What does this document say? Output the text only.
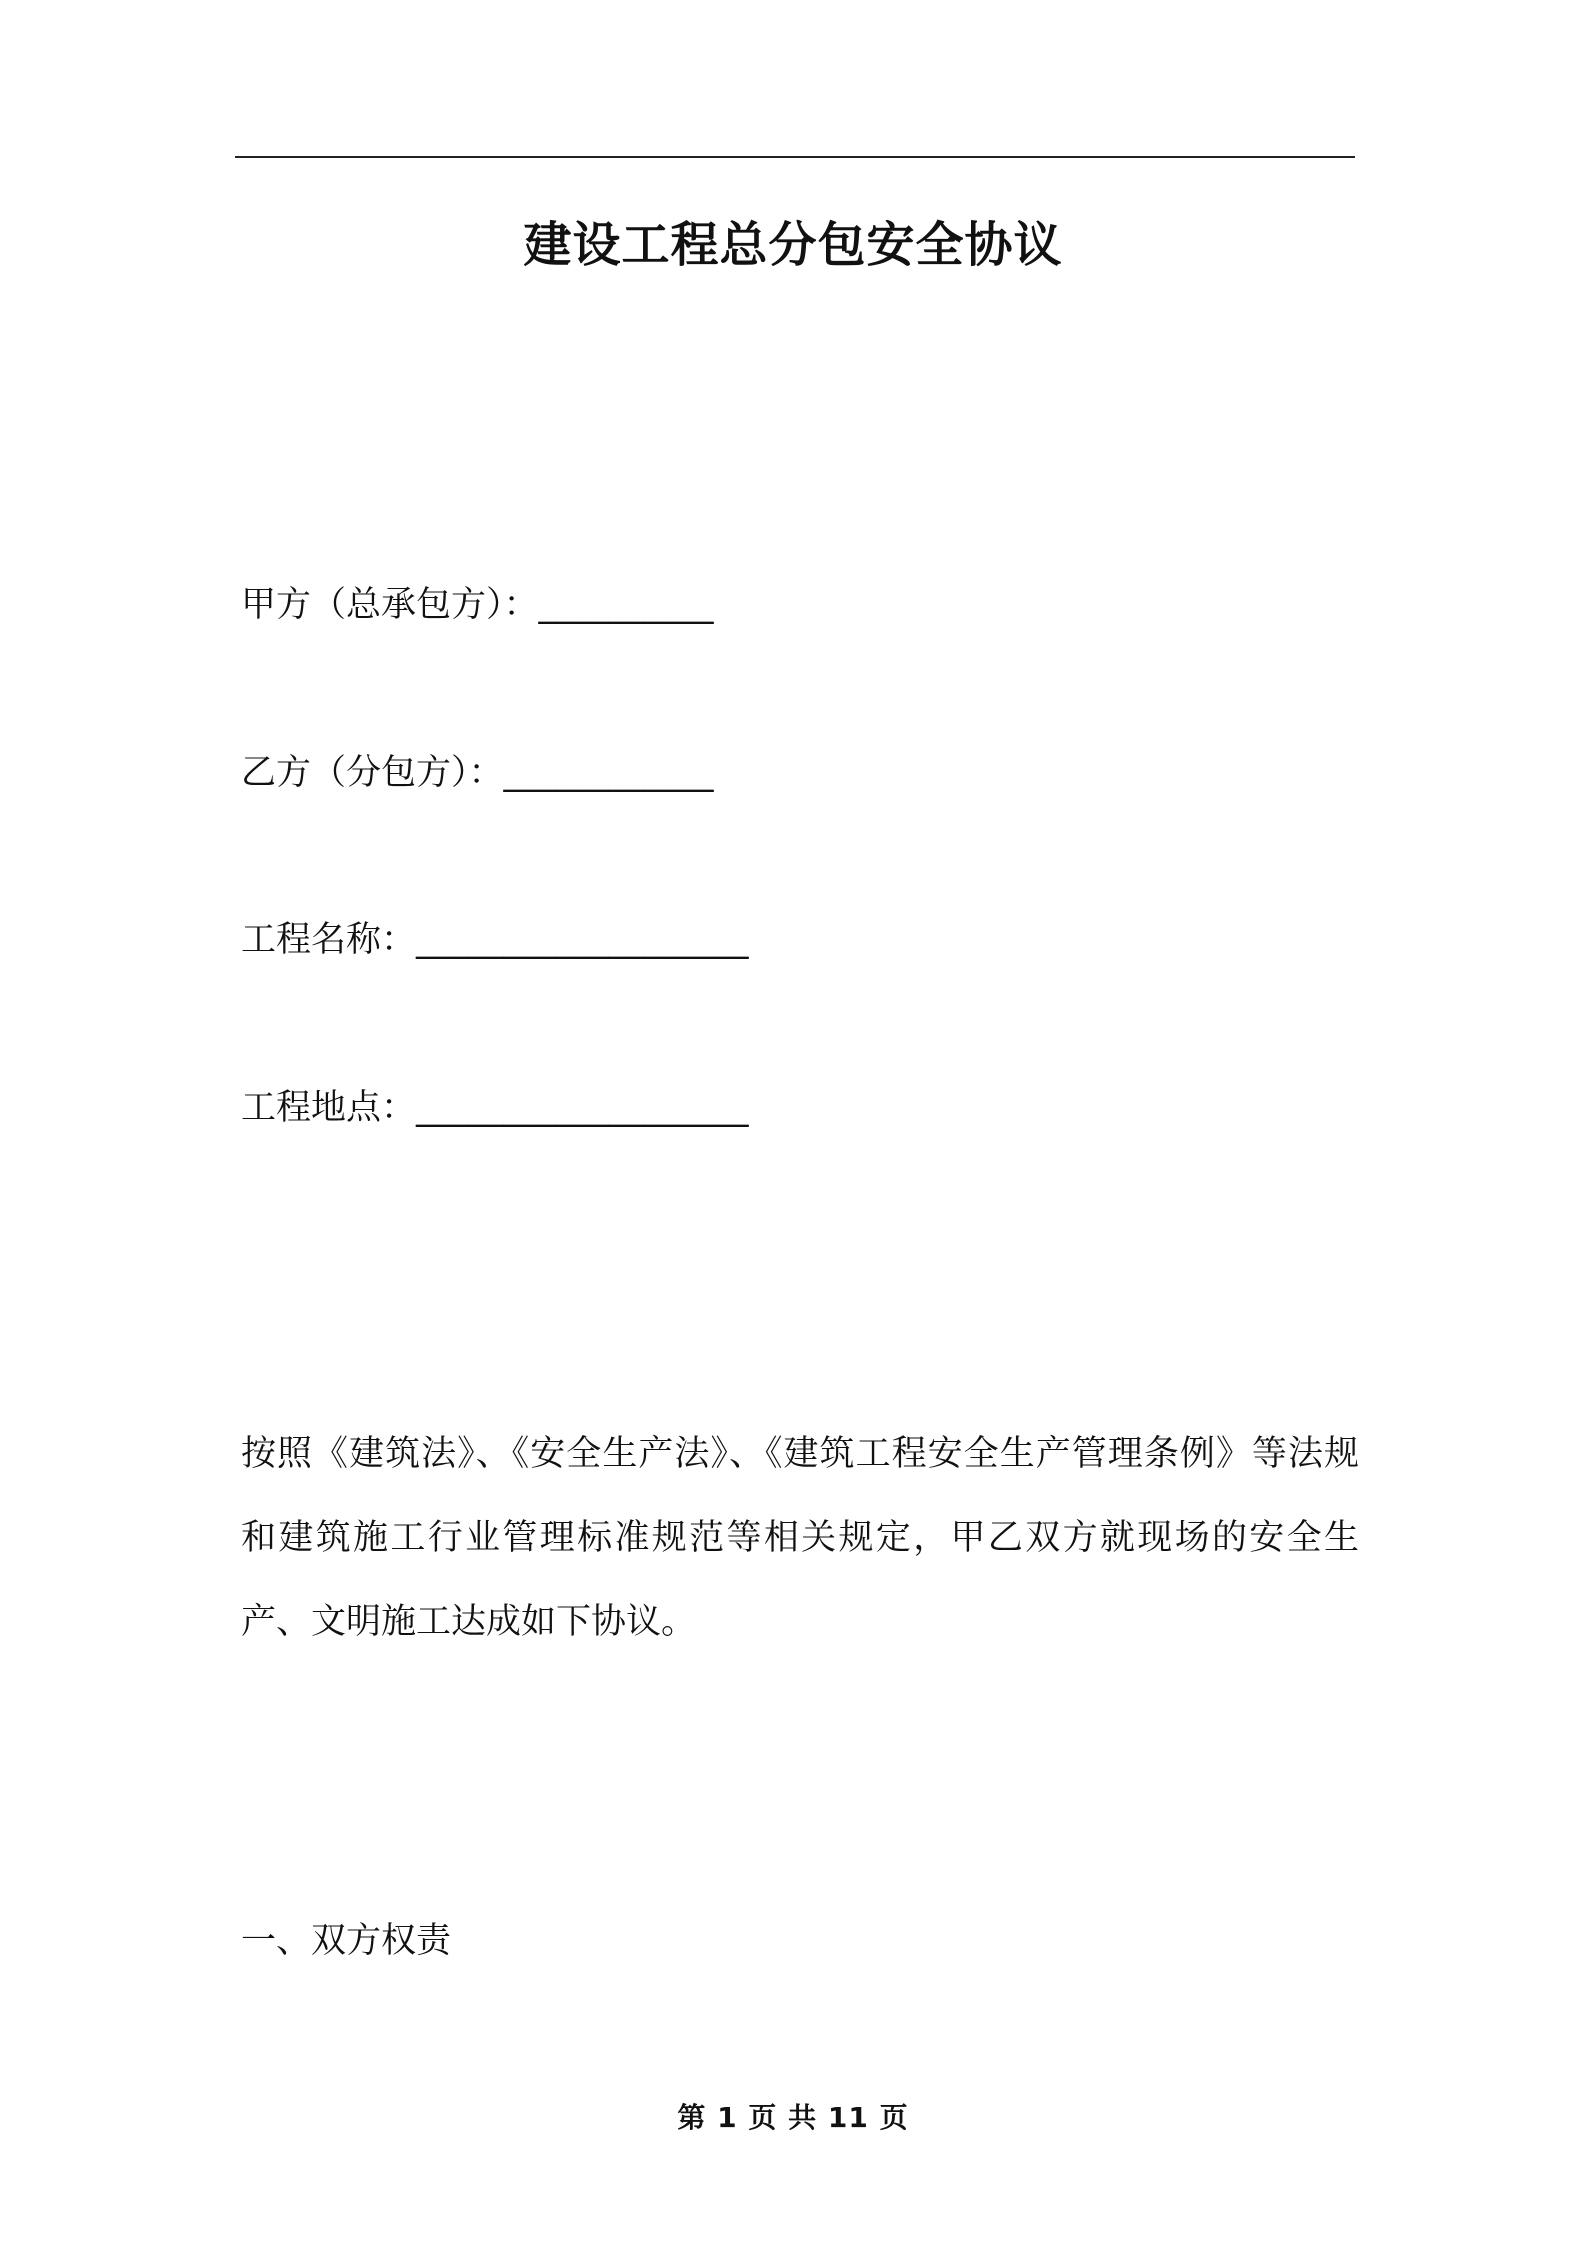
建设工程总分包安全协议
甲方（总承包方）：__________
乙方（分包方）：____________
工程名称：___________________
工程地点：___________________

按照《建筑法》、《安全生产法》、《建筑工程安全生产管理条例》等法规和建筑施工行业管理标准规范等相关规定，甲乙双方就现场的安全生产、文明施工达成如下协议。

一、双方权责
第 1 页 共 11 页
